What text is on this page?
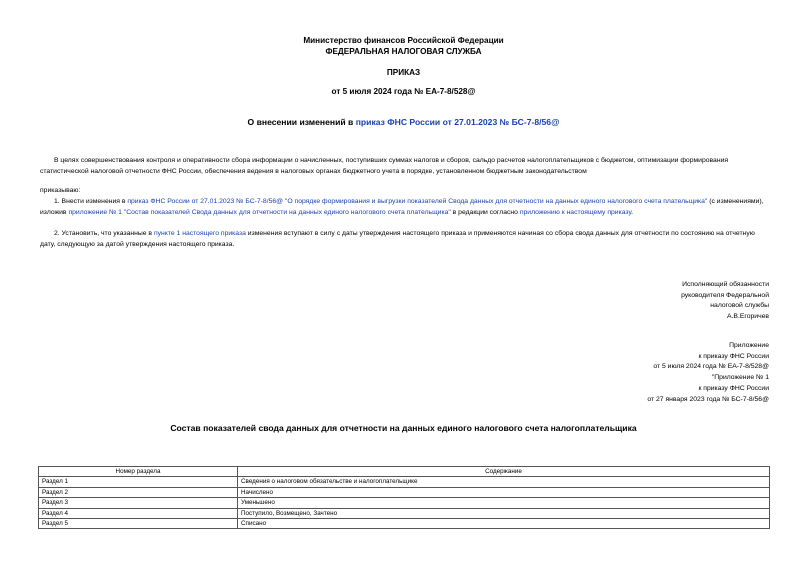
Министерство финансов Российской Федерации
ФЕДЕРАЛЬНАЯ НАЛОГОВАЯ СЛУЖБА
ПРИКАЗ
от 5 июля 2024 года № ЕА-7-8/528@
О внесении изменений в приказ ФНС России от 27.01.2023 № БС-7-8/56@
В целях совершенствования контроля и оперативности сбора информации о начисленных, поступивших суммах налогов и сборов, сальдо расчетов налогоплательщиков с бюджетом, оптимизации формирования статистической налоговой отчетности ФНС России, обеспечения ведения в налоговых органах бюджетного учета в порядке, установленном бюджетным законодательством
приказываю:
1. Внести изменения в приказ ФНС России от 27.01.2023 № БС-7-8/56@ "О порядке формирования и выгрузки показателей Свода данных для отчетности на данных единого налогового счета плательщика" (с изменениями), изложив приложение № 1 "Состав показателей Свода данных для отчетности на данных единого налогового счета плательщика" в редакции согласно приложению к настоящему приказу.
2. Установить, что указанные в пункте 1 настоящего приказа изменения вступают в силу с даты утверждения настоящего приказа и применяются начиная со сбора свода данных для отчетности по состоянию на отчетную дату, следующую за датой утверждения настоящего приказа.
Исполняющий обязанности
руководителя Федеральной
налоговой службы
А.В.Егоричев
Приложение
к приказу ФНС России
от 5 июля 2024 года № ЕА-7-8/528@
"Приложение № 1
к приказу ФНС России
от 27 января 2023 года № БС-7-8/56@
Состав показателей свода данных для отчетности на данных единого налогового счета налогоплательщика
Номер раздела	Содержание
Раздел 1	Сведения о налоговом обязательстве и налогоплательщике
Раздел 2	Начислено
Раздел 3	Уменьшено
Раздел 4	Поступило, Возмещено, Зачтено
Раздел 5	Списано
